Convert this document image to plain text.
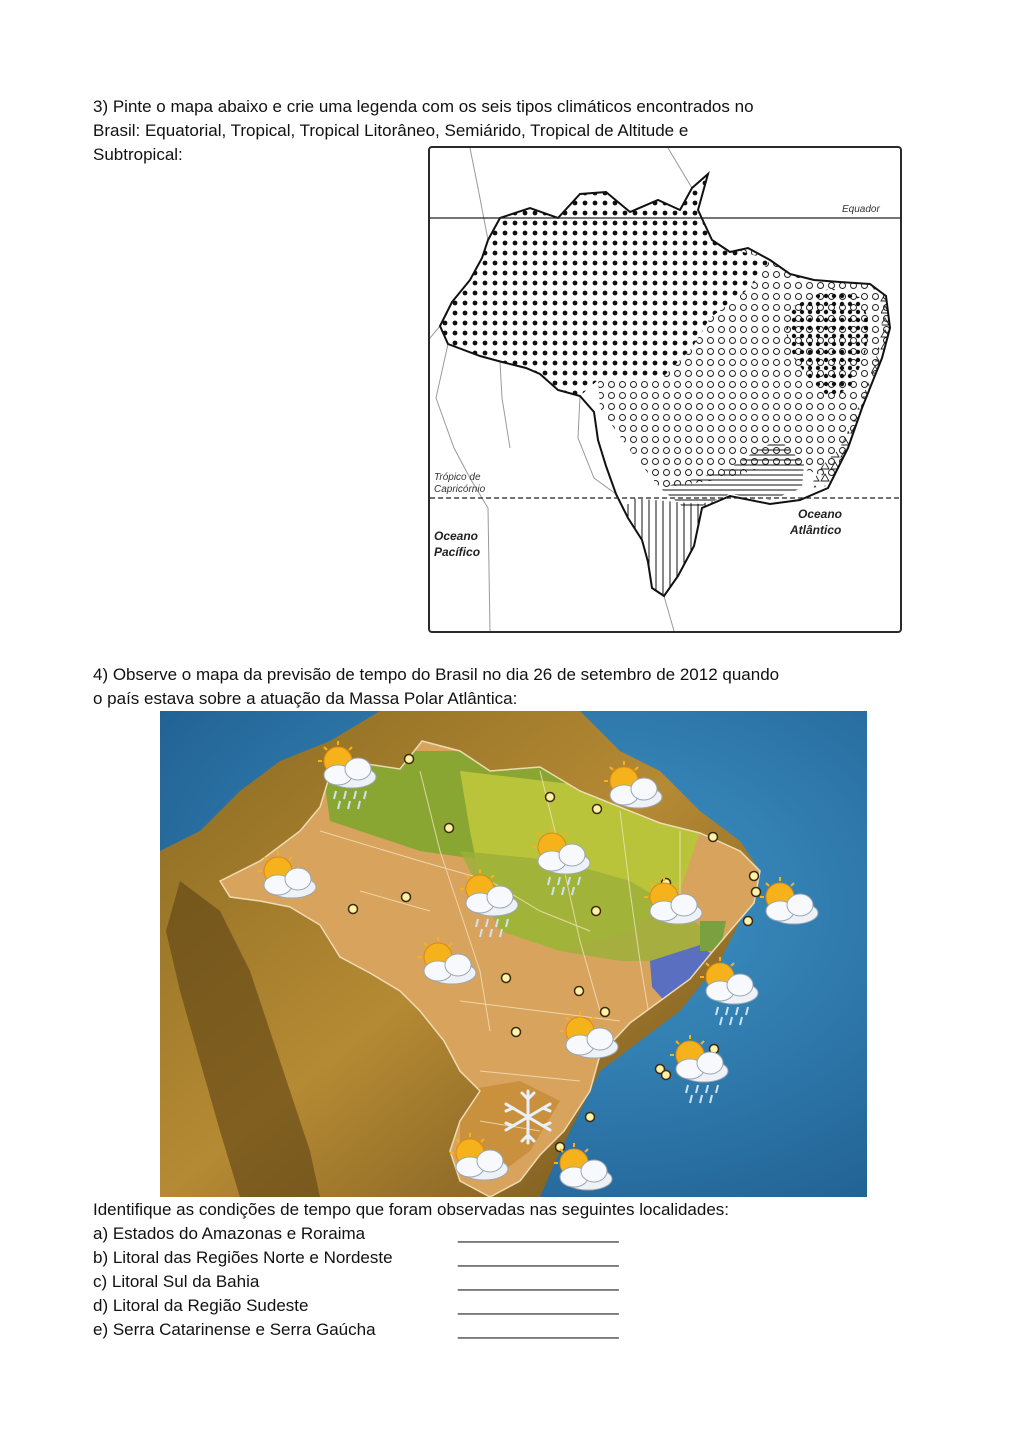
3) Pinte o mapa abaixo e crie uma legenda com os seis tipos climáticos encontrados no
Brasil: Equatorial, Tropical, Tropical Litorâneo, Semiárido, Tropical de Altitude e
Subtropical:
Equador
Trópico de
Capricórnio
Oceano
Pacífico
Oceano
Atlântico
4) Observe o mapa da previsão de tempo do Brasil no dia 26 de setembro de 2012 quando
o país estava sobre a atuação da Massa Polar Atlântica:
Identifique as condições de tempo que foram observadas nas seguintes localidades:
a) Estados do Amazonas e Roraima	_________________
b) Litoral das Regiões Norte e Nordeste	_________________
c) Litoral Sul da Bahia	_________________
d) Litoral da Região Sudeste	_________________
e) Serra Catarinense e Serra Gaúcha	_________________
